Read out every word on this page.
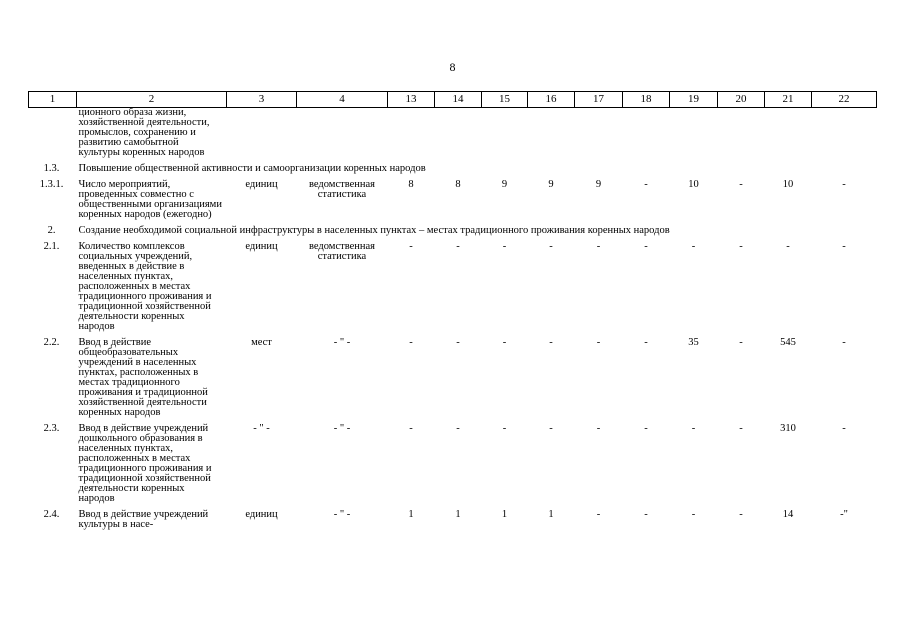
8
1	2	3	4	13	14	15	16	17	18	19	20	21	22
	ционного образа жизни, хозяйственной деятельности, промыслов, сохранению и развитию самобытной культуры коренных народов												

1.3.	Повышение общественной активности и самоорганизации коренных народов												

1.3.1.	Число мероприятий, проведенных совместно с общественными организациями коренных народов (ежегодно)	единиц	ведомственная статистика	8	8	9	9	9	-	10	-	10	-

2.	Создание необходимой социальной инфраструктуры в населенных пунктах – местах традиционного проживания коренных народов												

2.1.	Количество комплексов социальных учреждений, введенных в действие в населенных пунктах, расположенных в местах традиционного проживания и традиционной хозяйственной деятельности коренных народов	единиц	ведомственная статистика	-	-	-	-	-	-	-	-	-	-

2.2.	Ввод в действие общеобразовательных учреждений в населенных пунктах, расположенных в местах традиционного проживания и традиционной хозяйственной деятельности коренных народов	мест	- " -	-	-	-	-	-	-	35	-	545	-

2.3.	Ввод в действие учреждений дошкольного образования в населенных пунктах, расположенных в местах традиционного проживания и традиционной хозяйственной деятельности коренных народов	- " -	- " -	-	-	-	-	-	-	-	-	310	-

2.4.	Ввод в действие учреждений культуры в насе-	единиц	- " -	1	1	1	1	-	-	-	-	14	-"
